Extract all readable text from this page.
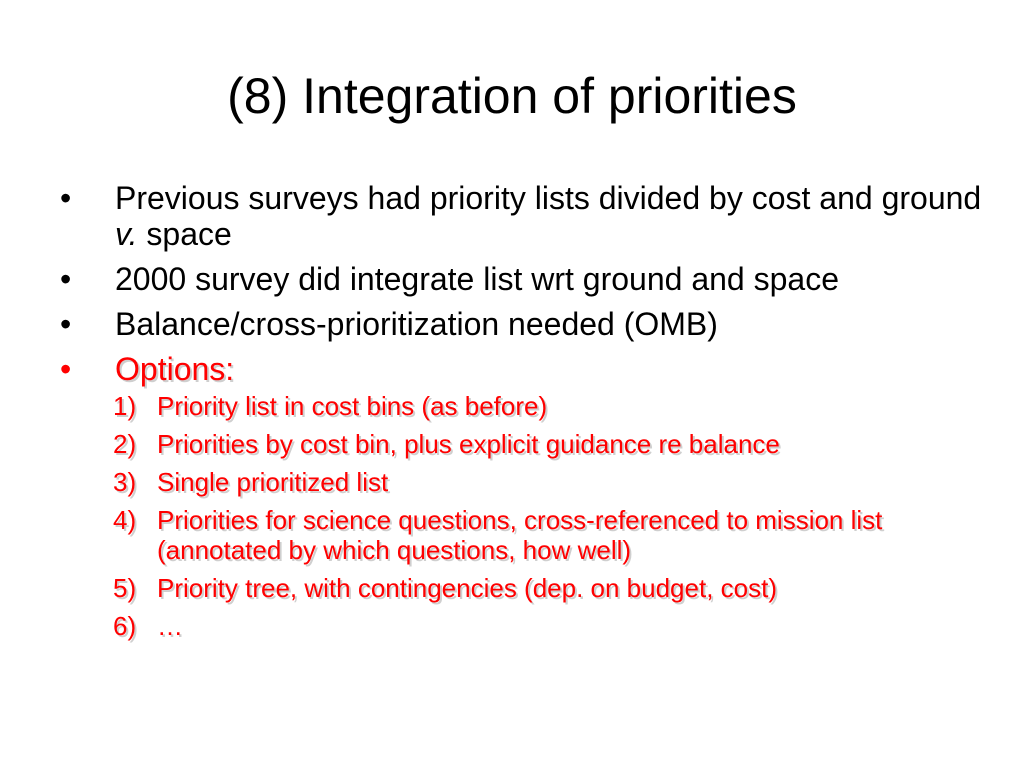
(8) Integration of priorities
• Previous surveys had priority lists divided by cost and ground v. space
• 2000 survey did integrate list wrt ground and space
• Balance/cross-prioritization needed (OMB)
• Options:
1) Priority list in cost bins (as before)
2) Priorities by cost bin, plus explicit guidance re balance
3) Single prioritized list
4) Priorities for science questions, cross-referenced to mission list (annotated by which questions, how well)
5) Priority tree, with contingencies (dep. on budget, cost)
6) …
